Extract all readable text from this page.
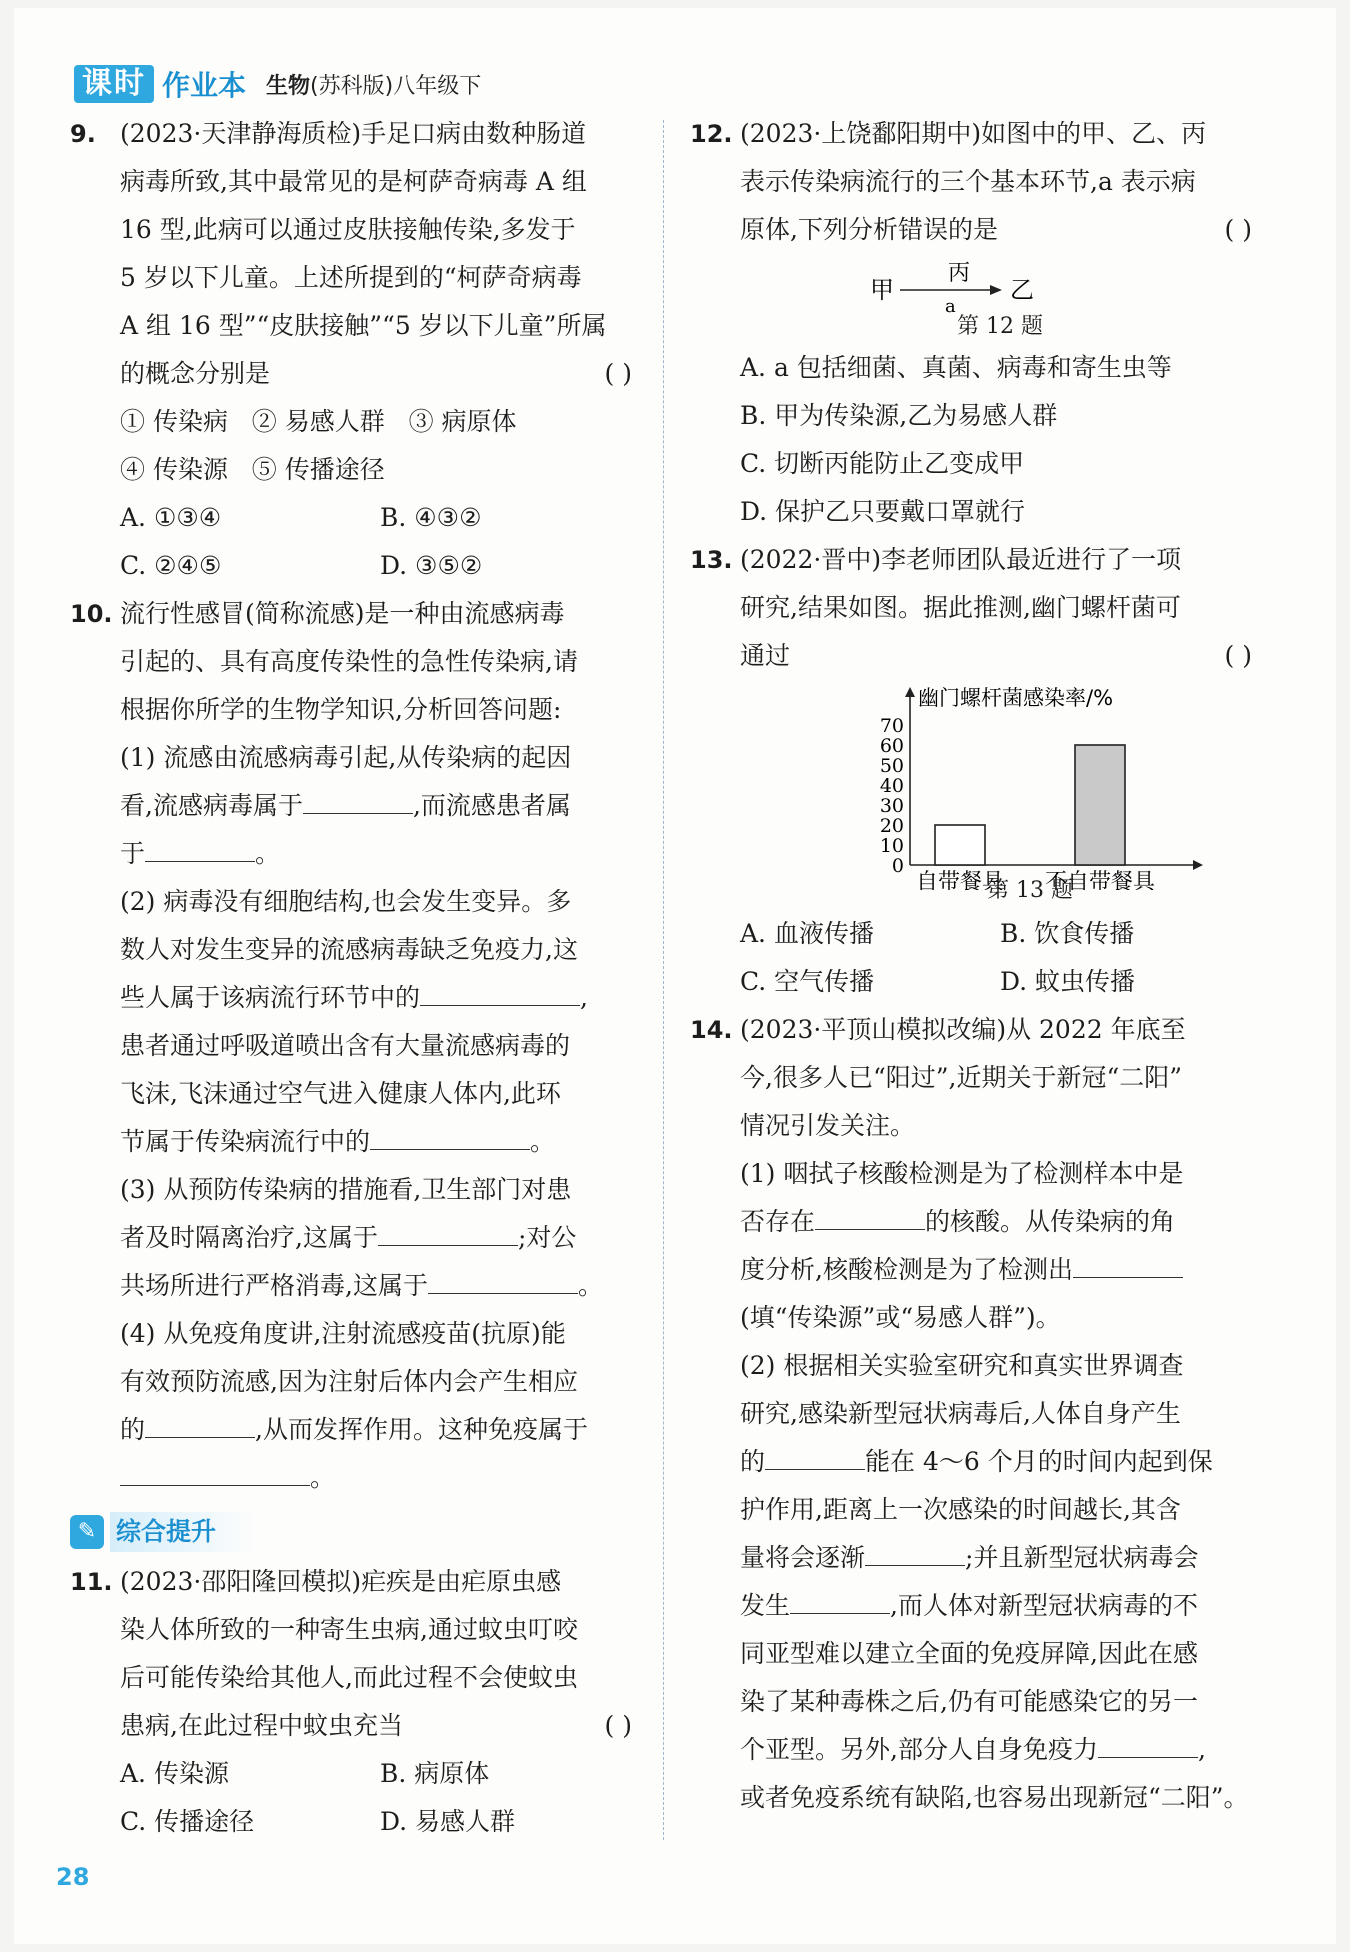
课时 作业本 生物(苏科版)八年级下
9. (2023·天津静海质检)手足口病由数种肠道
病毒所致,其中最常见的是柯萨奇病毒 A 组
16 型,此病可以通过皮肤接触传染,多发于
5 岁以下儿童。上述所提到的“柯萨奇病毒
A 组 16 型”“皮肤接触”“5 岁以下儿童”所属
的概念分别是	( )
① 传染病 ② 易感人群 ③ 病原体
④ 传染源 ⑤ 传播途径
A. ①③④	B. ④③②
C. ②④⑤	D. ③⑤②
10. 流行性感冒(简称流感)是一种由流感病毒
引起的、具有高度传染性的急性传染病,请
根据你所学的生物学知识,分析回答问题:
(1) 流感由流感病毒引起,从传染病的起因
看,流感病毒属于	,而流感患者属
于	。
(2) 病毒没有细胞结构,也会发生变异。多
数人对发生变异的流感病毒缺乏免疫力,这
些人属于该病流行环节中的	,
患者通过呼吸道喷出含有大量流感病毒的
飞沫,飞沫通过空气进入健康人体内,此环
节属于传染病流行中的	。
(3) 从预防传染病的措施看,卫生部门对患
者及时隔离治疗,这属于	;对公
共场所进行严格消毒,这属于	。
(4) 从免疫角度讲,注射流感疫苗(抗原)能
有效预防流感,因为注射后体内会产生相应
的	,从而发挥作用。这种免疫属于
。
✎ 综合提升
11. (2023·邵阳隆回模拟)疟疾是由疟原虫感
染人体所致的一种寄生虫病,通过蚊虫叮咬
后可能传染给其他人,而此过程不会使蚊虫
患病,在此过程中蚊虫充当	( )
A. 传染源	B. 病原体
C. 传播途径	D. 易感人群
12. (2023·上饶鄱阳期中)如图中的甲、乙、丙
表示传染病流行的三个基本环节,a 表示病
原体,下列分析错误的是	( )
甲
丙
a
乙
第 12 题
A. a 包括细菌、真菌、病毒和寄生虫等
B. 甲为传染源,乙为易感人群
C. 切断丙能防止乙变成甲
D. 保护乙只要戴口罩就行
13. (2022·晋中)李老师团队最近进行了一项
研究,结果如图。据此推测,幽门螺杆菌可
通过	( )
幽门螺杆菌感染率/%
0
10
20
30
40
50
60
70
自带餐具 不自带餐具
第 13 题
A. 血液传播	B. 饮食传播
C. 空气传播	D. 蚊虫传播
14. (2023·平顶山模拟改编)从 2022 年底至
今,很多人已“阳过”,近期关于新冠“二阳”
情况引发关注。
(1) 咽拭子核酸检测是为了检测样本中是
否存在	的核酸。从传染病的角
度分析,核酸检测是为了检测出
(填“传染源”或“易感人群”)。
(2) 根据相关实验室研究和真实世界调查
研究,感染新型冠状病毒后,人体自身产生
的	能在 4～6 个月的时间内起到保
护作用,距离上一次感染的时间越长,其含
量将会逐渐	;并且新型冠状病毒会
发生	,而人体对新型冠状病毒的不
同亚型难以建立全面的免疫屏障,因此在感
染了某种毒株之后,仍有可能感染它的另一
个亚型。另外,部分人自身免疫力	,
或者免疫系统有缺陷,也容易出现新冠“二阳”。
28
